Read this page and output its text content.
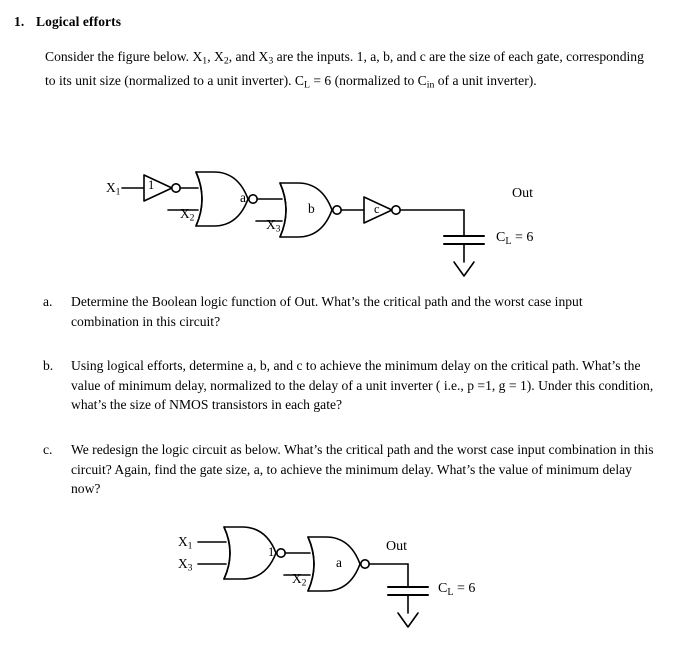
1. Logical efforts
Consider the figure below. $X_1$, $X_2$, and $X_3$ are the inputs. 1, a, b, and c are the size of each gate, corresponding to its unit size (normalized to a unit inverter). $C_L = 6$ (normalized to $C_{in}$ of a unit inverter).
$X_1$
1
$X_2$
a
$X_3$
b	c
Out
$C_L = 6$
a.	Determine the Boolean logic function of Out. What’s the critical path and the worst case input combination in this circuit?
b.	Using logical efforts, determine a, b, and c to achieve the minimum delay on the critical path. What’s the value of minimum delay, normalized to the delay of a unit inverter ( i.e., p =1, g = 1). Under this condition, what’s the size of NMOS transistors in each gate?
c.	We redesign the logic circuit as below. What’s the critical path and the worst case input combination in this circuit? Again, find the gate size, a, to achieve the minimum delay. What’s the value of minimum delay now?
$X_1$
$X_3$
1
$X_2$
a
Out
$C_L = 6$
